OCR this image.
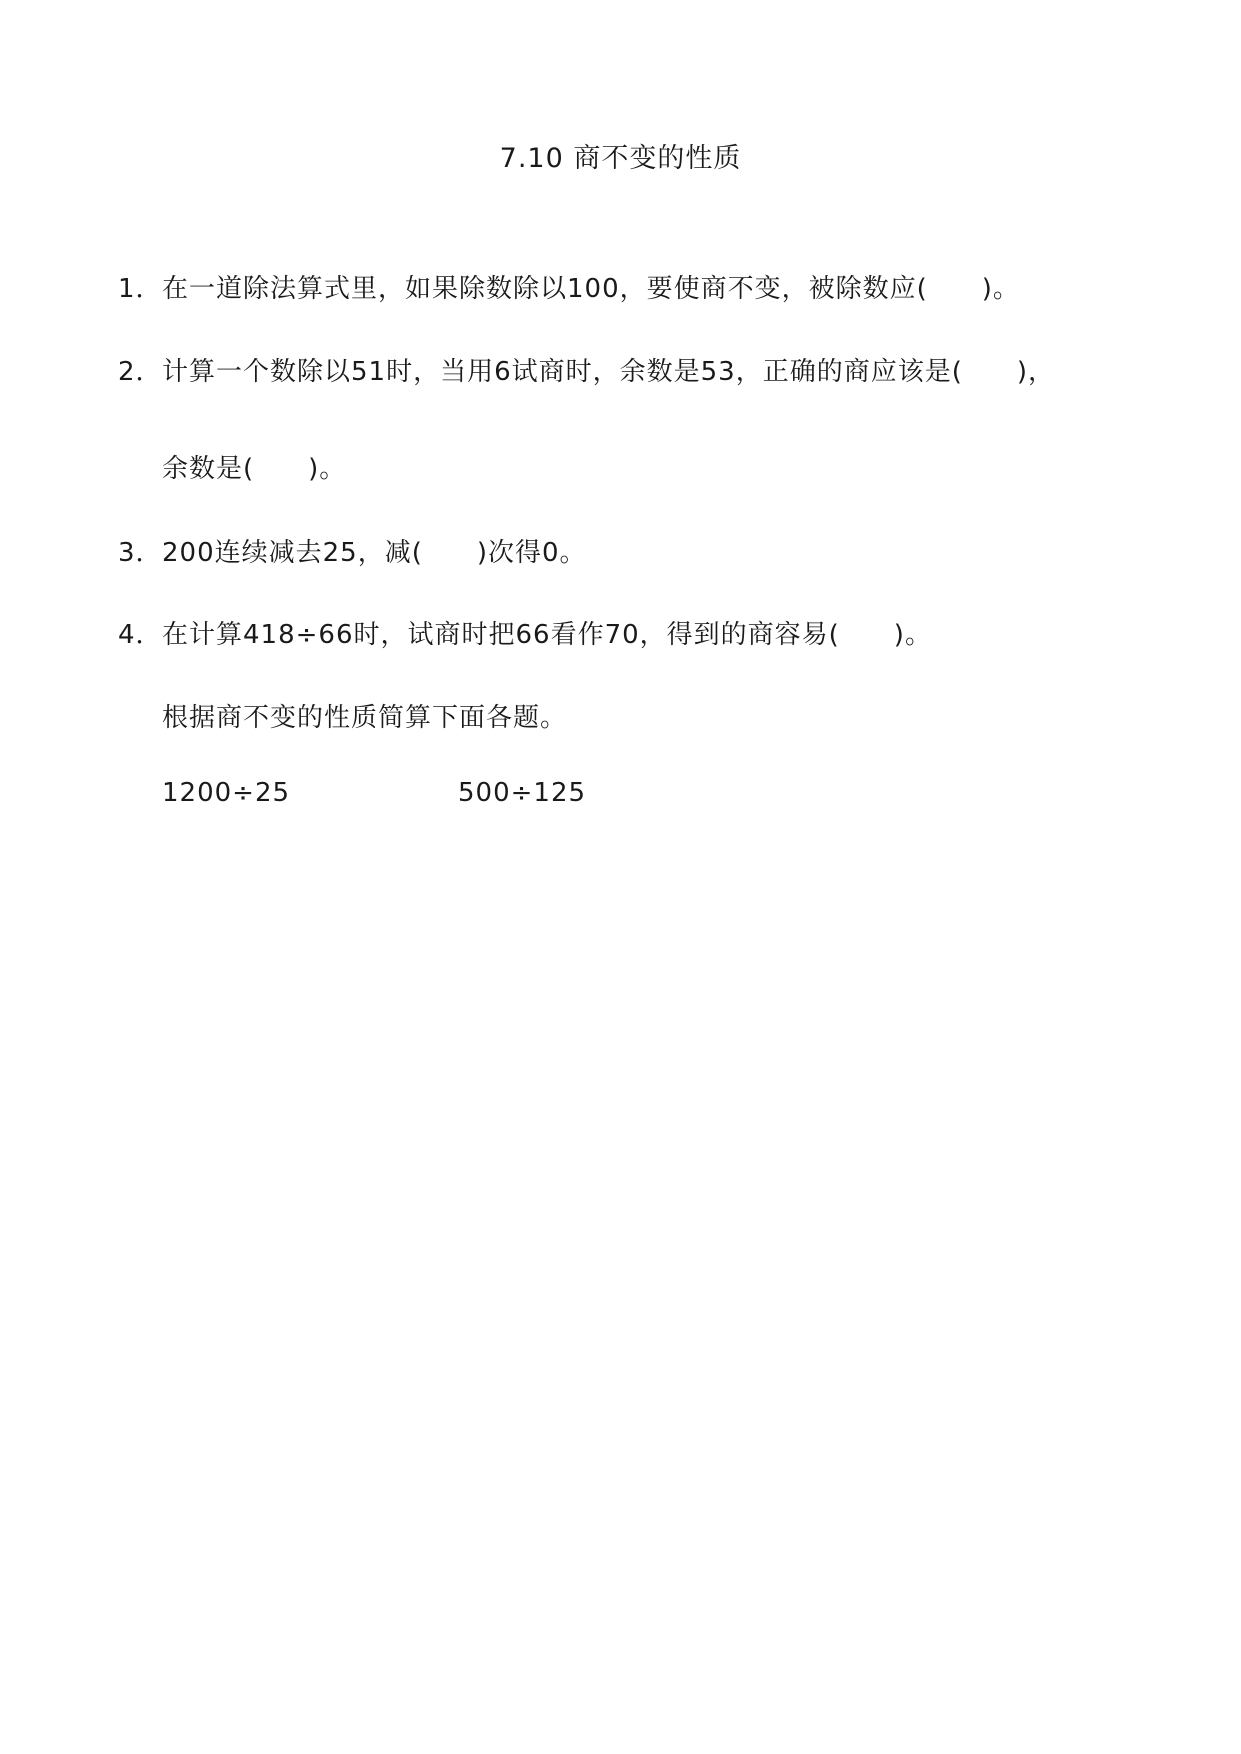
7.10 商不变的性质
1．在一道除法算式里，如果除数除以100，要使商不变，被除数应(　　)。
2．计算一个数除以51时，当用6试商时，余数是53，正确的商应该是(　　)，
余数是(　　)。
3．200连续减去25，减(　　)次得0。
4．在计算418÷66时，试商时把66看作70，得到的商容易(　　)。
根据商不变的性质简算下面各题。
1200÷25	500÷125
